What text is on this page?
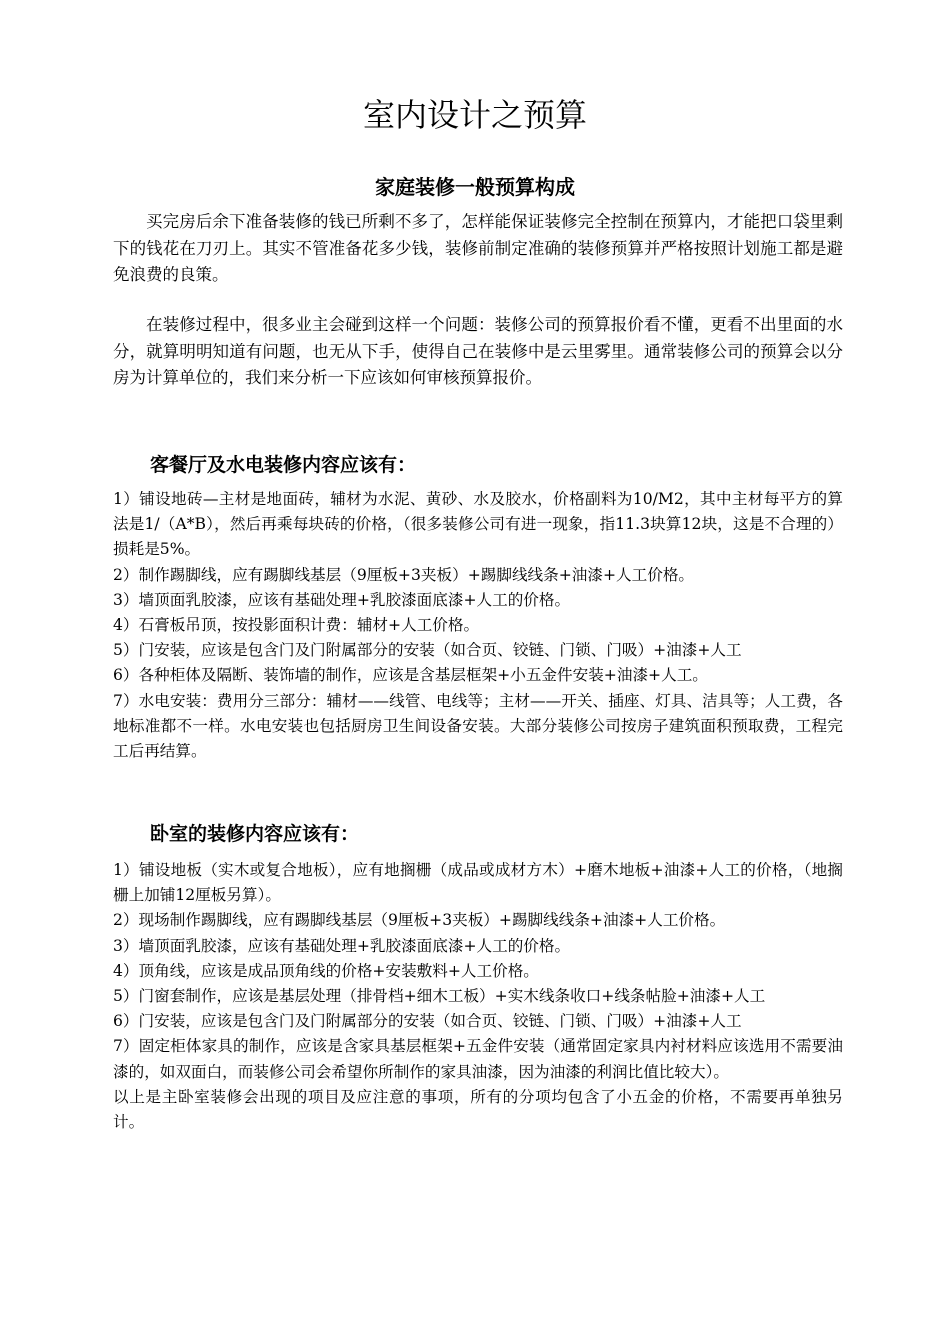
室内设计之预算
家庭装修一般预算构成

买完房后余下准备装修的钱已所剩不多了，怎样能保证装修完全控制在预算内，才能把口袋里剩下的钱花在刀刃上。其实不管准备花多少钱，装修前制定准确的装修预算并严格按照计划施工都是避免浪费的良策。

在装修过程中，很多业主会碰到这样一个问题：装修公司的预算报价看不懂，更看不出里面的水分，就算明明知道有问题，也无从下手，使得自己在装修中是云里雾里。通常装修公司的预算会以分房为计算单位的，我们来分析一下应该如何审核预算报价。

客餐厅及水电装修内容应该有：

1）铺设地砖—主材是地面砖，辅材为水泥、黄砂、水及胶水，价格副料为10/M2，其中主材每平方的算法是1/（A*B），然后再乘每块砖的价格，（很多装修公司有进一现象，指11.3块算12块，这是不合理的）损耗是5%。

2）制作踢脚线，应有踢脚线基层（9厘板+3夹板）+踢脚线线条+油漆+人工价格。

3）墙顶面乳胶漆，应该有基础处理+乳胶漆面底漆+人工的价格。

4）石膏板吊顶，按投影面积计费：辅材+人工价格。

5）门安装，应该是包含门及门附属部分的安装（如合页、铰链、门锁、门吸）+油漆+人工

6）各种柜体及隔断、装饰墙的制作，应该是含基层框架+小五金件安装+油漆+人工。

7）水电安装：费用分三部分：辅材——线管、电线等；主材——开关、插座、灯具、洁具等；人工费，各地标准都不一样。水电安装也包括厨房卫生间设备安装。大部分装修公司按房子建筑面积预取费，工程完工后再结算。

卧室的装修内容应该有：

1）铺设地板（实木或复合地板），应有地搁栅（成品或成材方木）+磨木地板+油漆+人工的价格，（地搁栅上加铺12厘板另算）。

2）现场制作踢脚线，应有踢脚线基层（9厘板+3夹板）+踢脚线线条+油漆+人工价格。

3）墙顶面乳胶漆，应该有基础处理+乳胶漆面底漆+人工的价格。

4）顶角线，应该是成品顶角线的价格+安装敷料+人工价格。

5）门窗套制作，应该是基层处理（排骨档+细木工板）+实木线条收口+线条帖脸+油漆+人工

6）门安装，应该是包含门及门附属部分的安装（如合页、铰链、门锁、门吸）+油漆+人工

7）固定柜体家具的制作，应该是含家具基层框架+五金件安装（通常固定家具内衬材料应该选用不需要油漆的，如双面白，而装修公司会希望你所制作的家具油漆，因为油漆的利润比值比较大）。

以上是主卧室装修会出现的项目及应注意的事项，所有的分项均包含了小五金的价格，不需要再单独另计。
